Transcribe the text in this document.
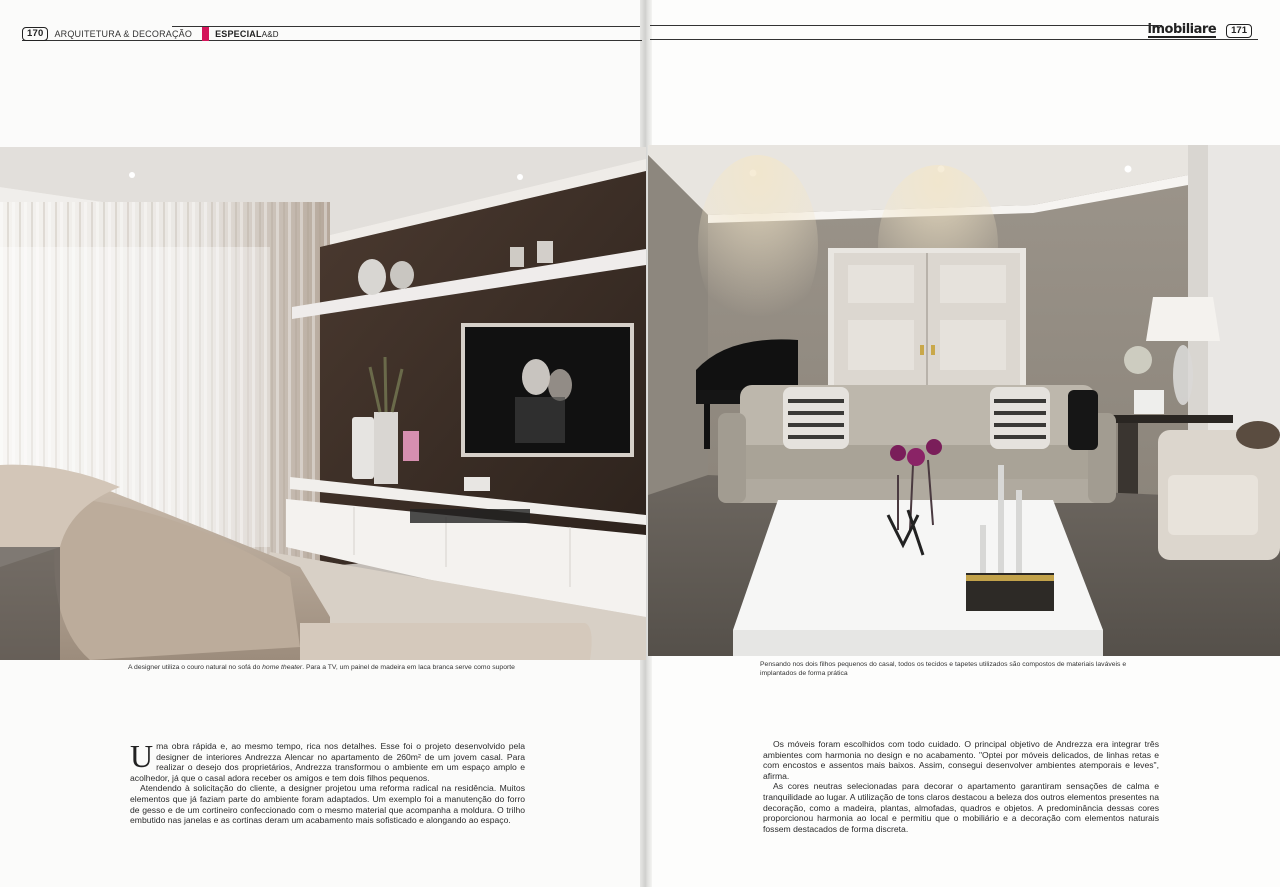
170	ARQUITETURA & DECORAÇÃO	ESPECIALA&D	imobiliare	171
A designer utiliza o couro natural no sofá do home theater. Para a TV, um painel de madeira em laca branca serve como suporte	Pensando nos dois filhos pequenos do casal, todos os tecidos e tapetes utilizados são compostos de materiais laváveis e implantados de forma prática

Uma obra rápida e, ao mesmo tempo, rica nos detalhes. Esse foi o projeto desenvolvido pela designer de interiores Andrezza Alencar no apartamento de 260m² de um jovem casal. Para realizar o desejo dos proprietários, Andrezza transformou o ambiente em um espaço amplo e acolhedor, já que o casal adora receber os amigos e tem dois filhos pequenos.

Atendendo à solicitação do cliente, a designer projetou uma reforma radical na residência. Muitos elementos que já faziam parte do ambiente foram adaptados. Um exemplo foi a manutenção do forro de gesso e de um cortineiro confeccionado com o mesmo material que acompanha a moldura. O trilho embutido nas janelas e as cortinas deram um acabamento mais sofisticado e alongando ao espaço.

Os móveis foram escolhidos com todo cuidado. O principal objetivo de Andrezza era integrar três ambientes com harmonia no design e no acabamento. "Optei por móveis delicados, de linhas retas e com encostos e assentos mais baixos. Assim, consegui desenvolver ambientes atemporais e leves", afirma.

As cores neutras selecionadas para decorar o apartamento garantiram sensações de calma e tranquilidade ao lugar. A utilização de tons claros destacou a beleza dos outros elementos presentes na decoração, como a madeira, plantas, almofadas, quadros e objetos. A predominância dessas cores proporcionou harmonia ao local e permitiu que o mobiliário e a decoração com elementos naturais fossem destacados de forma discreta.
